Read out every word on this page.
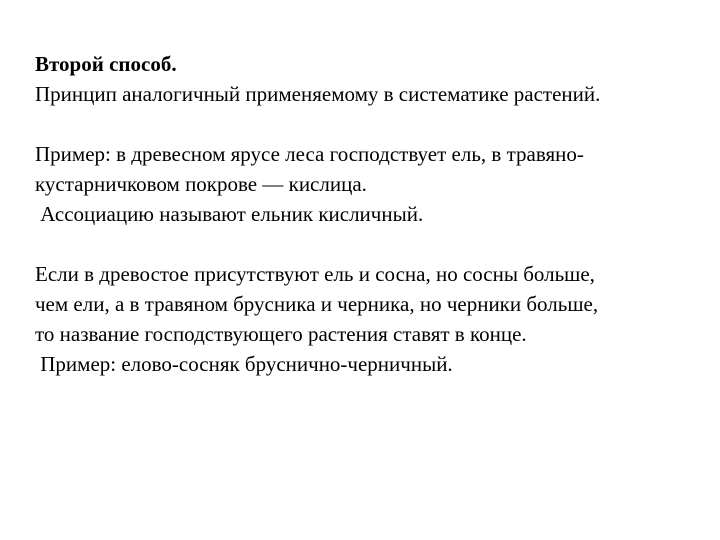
Второй способ.
Принцип аналогичный применяемому в систематике растений.
Пример: в древесном ярусе леса господствует ель, в травяно-
кустарничковом покрове — кислица.
Ассоциацию называют ельник кисличный.
Если в древостое присутствуют ель и сосна, но сосны больше,
чем ели, а в травяном брусника и черника, но черники больше,
то название господствующего растения ставят в конце.
Пример: елово-сосняк бруснично-черничный.
